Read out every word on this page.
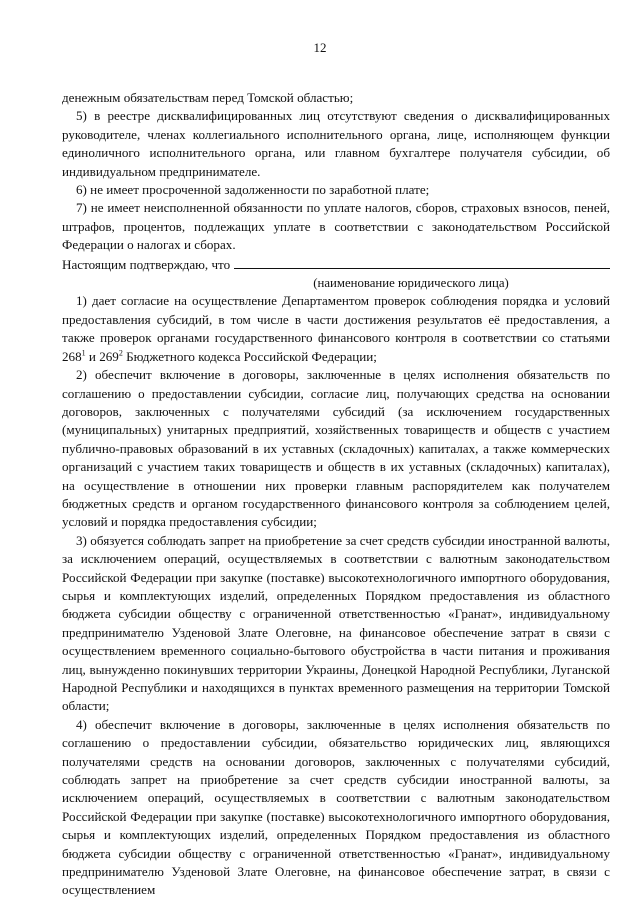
12

денежным обязательствам перед Томской областью;

5) в реестре дисквалифицированных лиц отсутствуют сведения о дисквалифицированных руководителе, членах коллегиального исполнительного органа, лице, исполняющем функции единоличного исполнительного органа, или главном бухгалтере получателя субсидии, об индивидуальном предпринимателе.

6) не имеет просроченной задолженности по заработной плате;

7) не имеет неисполненной обязанности по уплате налогов, сборов, страховых взносов, пеней, штрафов, процентов, подлежащих уплате в соответствии с законодательством Российской Федерации о налогах и сборах.

Настоящим подтверждаю, что

(наименование юридического лица)

1) дает согласие на осуществление Департаментом проверок соблюдения порядка и условий предоставления субсидий, в том числе в части достижения результатов её предоставления, а также проверок органами государственного финансового контроля в соответствии со статьями $268^1$ и $269^2$ Бюджетного кодекса Российской Федерации;

2) обеспечит включение в договоры, заключенные в целях исполнения обязательств по соглашению о предоставлении субсидии, согласие лиц, получающих средства на основании договоров, заключенных с получателями субсидий (за исключением государственных (муниципальных) унитарных предприятий, хозяйственных товариществ и обществ с участием публично-правовых образований в их уставных (складочных) капиталах, а также коммерческих организаций с участием таких товариществ и обществ в их уставных (складочных) капиталах), на осуществление в отношении них проверки главным распорядителем как получателем бюджетных средств и органом государственного финансового контроля за соблюдением целей, условий и порядка предоставления субсидии;

3) обязуется соблюдать запрет на приобретение за счет средств субсидии иностранной валюты, за исключением операций, осуществляемых в соответствии с валютным законодательством Российской Федерации при закупке (поставке) высокотехнологичного импортного оборудования, сырья и комплектующих изделий, определенных Порядком предоставления из областного бюджета субсидии обществу с ограниченной ответственностью «Гранат», индивидуальному предпринимателю Узденовой Злате Олеговне, на финансовое обеспечение затрат в связи с осуществлением временного социально-бытового обустройства в части питания и проживания лиц, вынужденно покинувших территории Украины, Донецкой Народной Республики, Луганской Народной Республики и находящихся в пунктах временного размещения на территории Томской области;

4) обеспечит включение в договоры, заключенные в целях исполнения обязательств по соглашению о предоставлении субсидии, обязательство юридических лиц, являющихся получателями средств на основании договоров, заключенных с получателями субсидий, соблюдать запрет на приобретение за счет средств субсидии иностранной валюты, за исключением операций, осуществляемых в соответствии с валютным законодательством Российской Федерации при закупке (поставке) высокотехнологичного импортного оборудования, сырья и комплектующих изделий, определенных Порядком предоставления из областного бюджета субсидии обществу с ограниченной ответственностью «Гранат», индивидуальному предпринимателю Узденовой Злате Олеговне, на финансовое обеспечение затрат, в связи с осуществлением
